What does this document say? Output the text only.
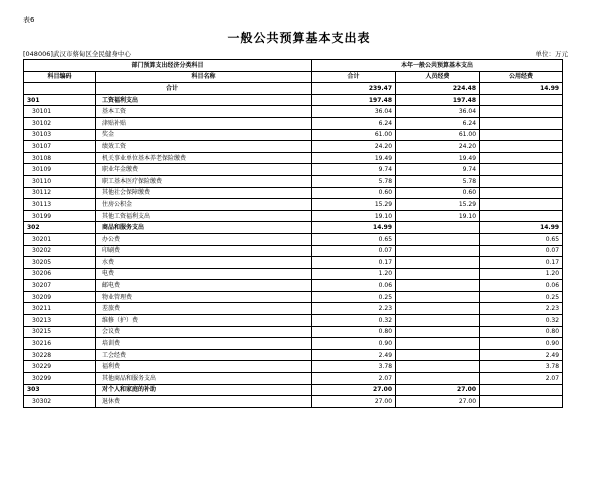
表6
一般公共预算基本支出表
[048006]武汉市蔡甸区全民健身中心	单位：万元
部门预算支出经济分类科目		本年一般公共预算基本支出		
科目编码	科目名称	合计	人员经费	公用经费
	合计	239.47	224.48	14.99
301	工资福利支出	197.48	197.48	
30101	基本工资	36.04	36.04	
30102	津贴补贴	6.24	6.24	
30103	奖金	61.00	61.00	
30107	绩效工资	24.20	24.20	
30108	机关事业单位基本养老保险缴费	19.49	19.49	
30109	职业年金缴费	9.74	9.74	
30110	职工基本医疗保险缴费	5.78	5.78	
30112	其他社会保障缴费	0.60	0.60	
30113	住房公积金	15.29	15.29	
30199	其他工资福利支出	19.10	19.10	
302	商品和服务支出	14.99		14.99
30201	办公费	0.65		0.65
30202	印刷费	0.07		0.07
30205	水费	0.17		0.17
30206	电费	1.20		1.20
30207	邮电费	0.06		0.06
30209	物业管理费	0.25		0.25
30211	差旅费	2.23		2.23
30213	维修（护）费	0.32		0.32
30215	会议费	0.80		0.80
30216	培训费	0.90		0.90
30228	工会经费	2.49		2.49
30229	福利费	3.78		3.78
30299	其他商品和服务支出	2.07		2.07
303	对个人和家庭的补助	27.00	27.00	
30302	退休费	27.00	27.00	
